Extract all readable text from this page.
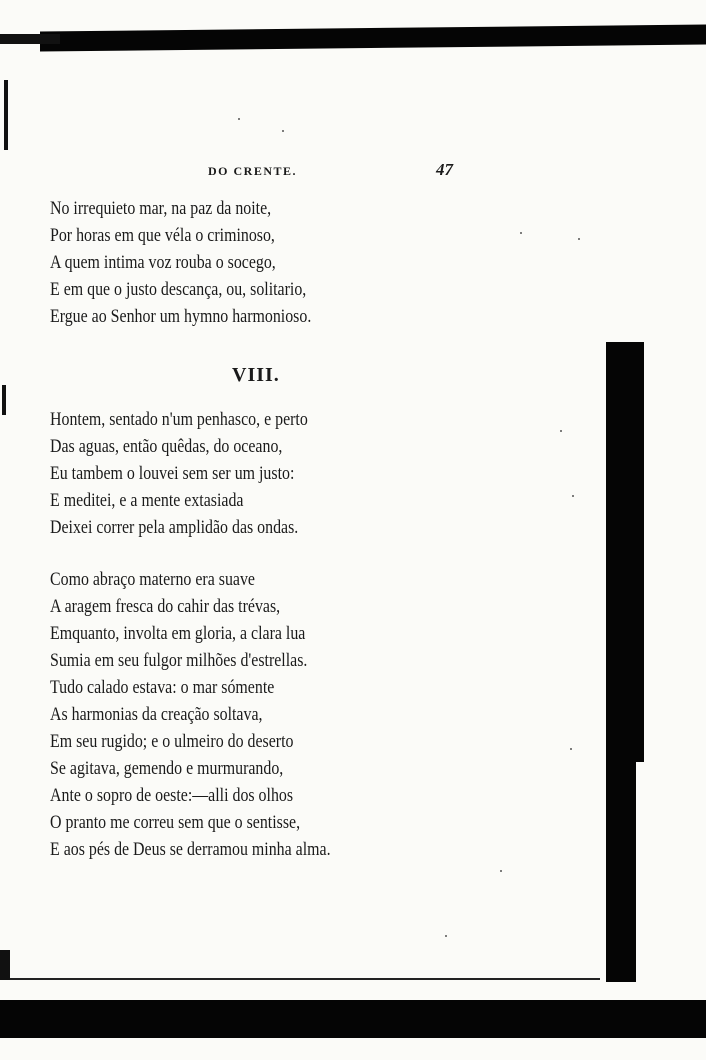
DO CRENTE.	47
No irrequieto mar, na paz da noite,
Por horas em que véla o criminoso,
A quem intima voz rouba o socego,
E em que o justo descança, ou, solitario,
Ergue ao Senhor um hymno harmonioso.
VIII.
Hontem, sentado n'um penhasco, e perto
Das aguas, então quêdas, do oceano,
Eu tambem o louvei sem ser um justo:
E meditei, e a mente extasiada
Deixei correr pela amplidão das ondas.
Como abraço materno era suave
A aragem fresca do cahir das trévas,
Emquanto, involta em gloria, a clara lua
Sumia em seu fulgor milhões d'estrellas.
Tudo calado estava: o mar sómente
As harmonias da creação soltava,
Em seu rugido; e o ulmeiro do deserto
Se agitava, gemendo e murmurando,
Ante o sopro de oeste:—alli dos olhos
O pranto me correu sem que o sentisse,
E aos pés de Deus se derramou minha alma.
